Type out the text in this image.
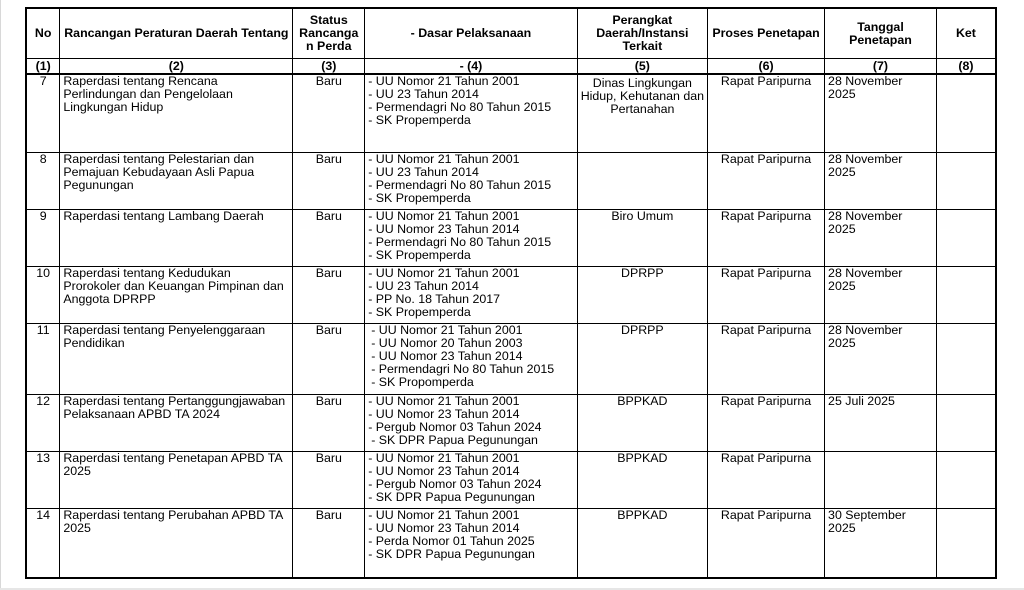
No	Rancangan Peraturan Daerah Tentang	Status Rancanga n Perda	- Dasar Pelaksanaan	Perangkat Daerah/Instansi Terkait	Proses Penetapan	Tanggal Penetapan	Ket
(1)	(2)	(3)	- (4)	(5)	(6)	(7)	(8)
7	Raperdasi tentang Rencana Perlindungan dan Pengelolaan Lingkungan Hidup	Baru	- UU Nomor 21 Tahun 2001
- UU 23 Tahun 2014
- Permendagri No 80 Tahun 2015
- SK Propemperda	Dinas Lingkungan Hidup, Kehutanan dan Pertanahan	Rapat Paripurna	28 November 2025	
8	Raperdasi tentang Pelestarian dan Pemajuan Kebudayaan Asli Papua Pegunungan	Baru	- UU Nomor 21 Tahun 2001
- UU 23 Tahun 2014
- Permendagri No 80 Tahun 2015
- SK Propemperda		Rapat Paripurna	28 November 2025	
9	Raperdasi tentang Lambang Daerah	Baru	- UU Nomor 21 Tahun 2001
- UU Nomor 23 Tahun 2014
- Permendagri No 80 Tahun 2015
- SK Propemperda	Biro Umum	Rapat Paripurna	28 November 2025	
10	Raperdasi tentang Kedudukan Prorokoler dan Keuangan Pimpinan dan Anggota DPRPP	Baru	- UU Nomor 21 Tahun 2001
- UU 23 Tahun 2014
- PP No. 18 Tahun 2017
- SK Propemperda	DPRPP	Rapat Paripurna	28 November 2025	
11	Raperdasi tentang Penyelenggaraan Pendidikan	Baru	- UU Nomor 21 Tahun 2001
- UU Nomor 20 Tahun 2003
- UU Nomor 23 Tahun 2014
- Permendagri No 80 Tahun 2015
- SK Propomperda	DPRPP	Rapat Paripurna	28 November 2025	
12	Raperdasi tentang Pertanggungjawaban Pelaksanaan APBD TA 2024	Baru	- UU Nomor 21 Tahun 2001
- UU Nomor 23 Tahun 2014
- Pergub Nomor 03 Tahun 2024
- SK DPR Papua Pegunungan	BPPKAD	Rapat Paripurna	25 Juli 2025	
13	Raperdasi tentang Penetapan APBD TA 2025	Baru	- UU Nomor 21 Tahun 2001
- UU Nomor 23 Tahun 2014
- Pergub Nomor 03 Tahun 2024
- SK DPR Papua Pegunungan	BPPKAD	Rapat Paripurna		
14	Raperdasi tentang Perubahan APBD TA 2025	Baru	- UU Nomor 21 Tahun 2001
- UU Nomor 23 Tahun 2014
- Perda Nomor 01 Tahun 2025
- SK DPR Papua Pegunungan	BPPKAD	Rapat Paripurna	30 September 2025	
